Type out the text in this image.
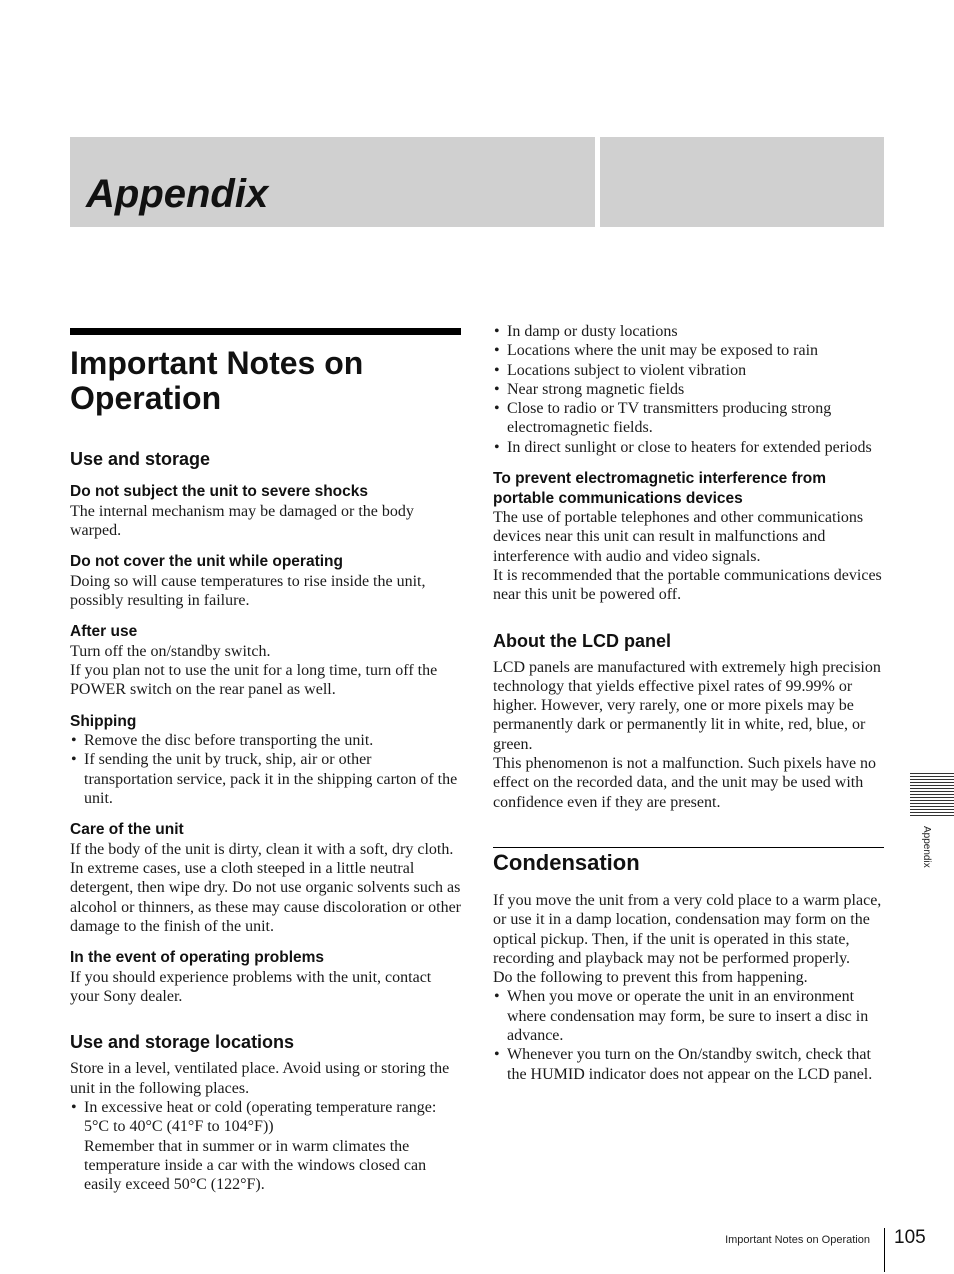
Appendix
Important Notes on Operation
Use and storage
Do not subject the unit to severe shocks

The internal mechanism may be damaged or the body warped.

Do not cover the unit while operating

Doing so will cause temperatures to rise inside the unit, possibly resulting in failure.

After use

Turn off the on/standby switch.

If you plan not to use the unit for a long time, turn off the POWER switch on the rear panel as well.

Shipping
• Remove the disc before transporting the unit.
• If sending the unit by truck, ship, air or other transportation service, pack it in the shipping carton of the unit.
Care of the unit

If the body of the unit is dirty, clean it with a soft, dry cloth. In extreme cases, use a cloth steeped in a little neutral detergent, then wipe dry. Do not use organic solvents such as alcohol or thinners, as these may cause discoloration or other damage to the finish of the unit.

In the event of operating problems

If you should experience problems with the unit, contact your Sony dealer.

Use and storage locations

Store in a level, ventilated place. Avoid using or storing the unit in the following places.

• In excessive heat or cold (operating temperature range: 5°C to 40°C (41°F to 104°F))
Remember that in summer or in warm climates the temperature inside a car with the windows closed can easily exceed 50°C (122°F).
• In damp or dusty locations
• Locations where the unit may be exposed to rain
• Locations subject to violent vibration
• Near strong magnetic fields
• Close to radio or TV transmitters producing strong electromagnetic fields.
• In direct sunlight or close to heaters for extended periods
To prevent electromagnetic interference from portable communications devices

The use of portable telephones and other communications devices near this unit can result in malfunctions and interference with audio and video signals.

It is recommended that the portable communications devices near this unit be powered off.

About the LCD panel

LCD panels are manufactured with extremely high precision technology that yields effective pixel rates of 99.99% or higher. However, very rarely, one or more pixels may be permanently dark or permanently lit in white, red, blue, or green.

This phenomenon is not a malfunction. Such pixels have no effect on the recorded data, and the unit may be used with confidence even if they are present.

Condensation

If you move the unit from a very cold place to a warm place, or use it in a damp location, condensation may form on the optical pickup. Then, if the unit is operated in this state, recording and playback may not be performed properly.

Do the following to prevent this from happening.

• When you move or operate the unit in an environment where condensation may form, be sure to insert a disc in advance.
• Whenever you turn on the On/standby switch, check that the HUMID indicator does not appear on the LCD panel.
Appendix
Important Notes on Operation 105
